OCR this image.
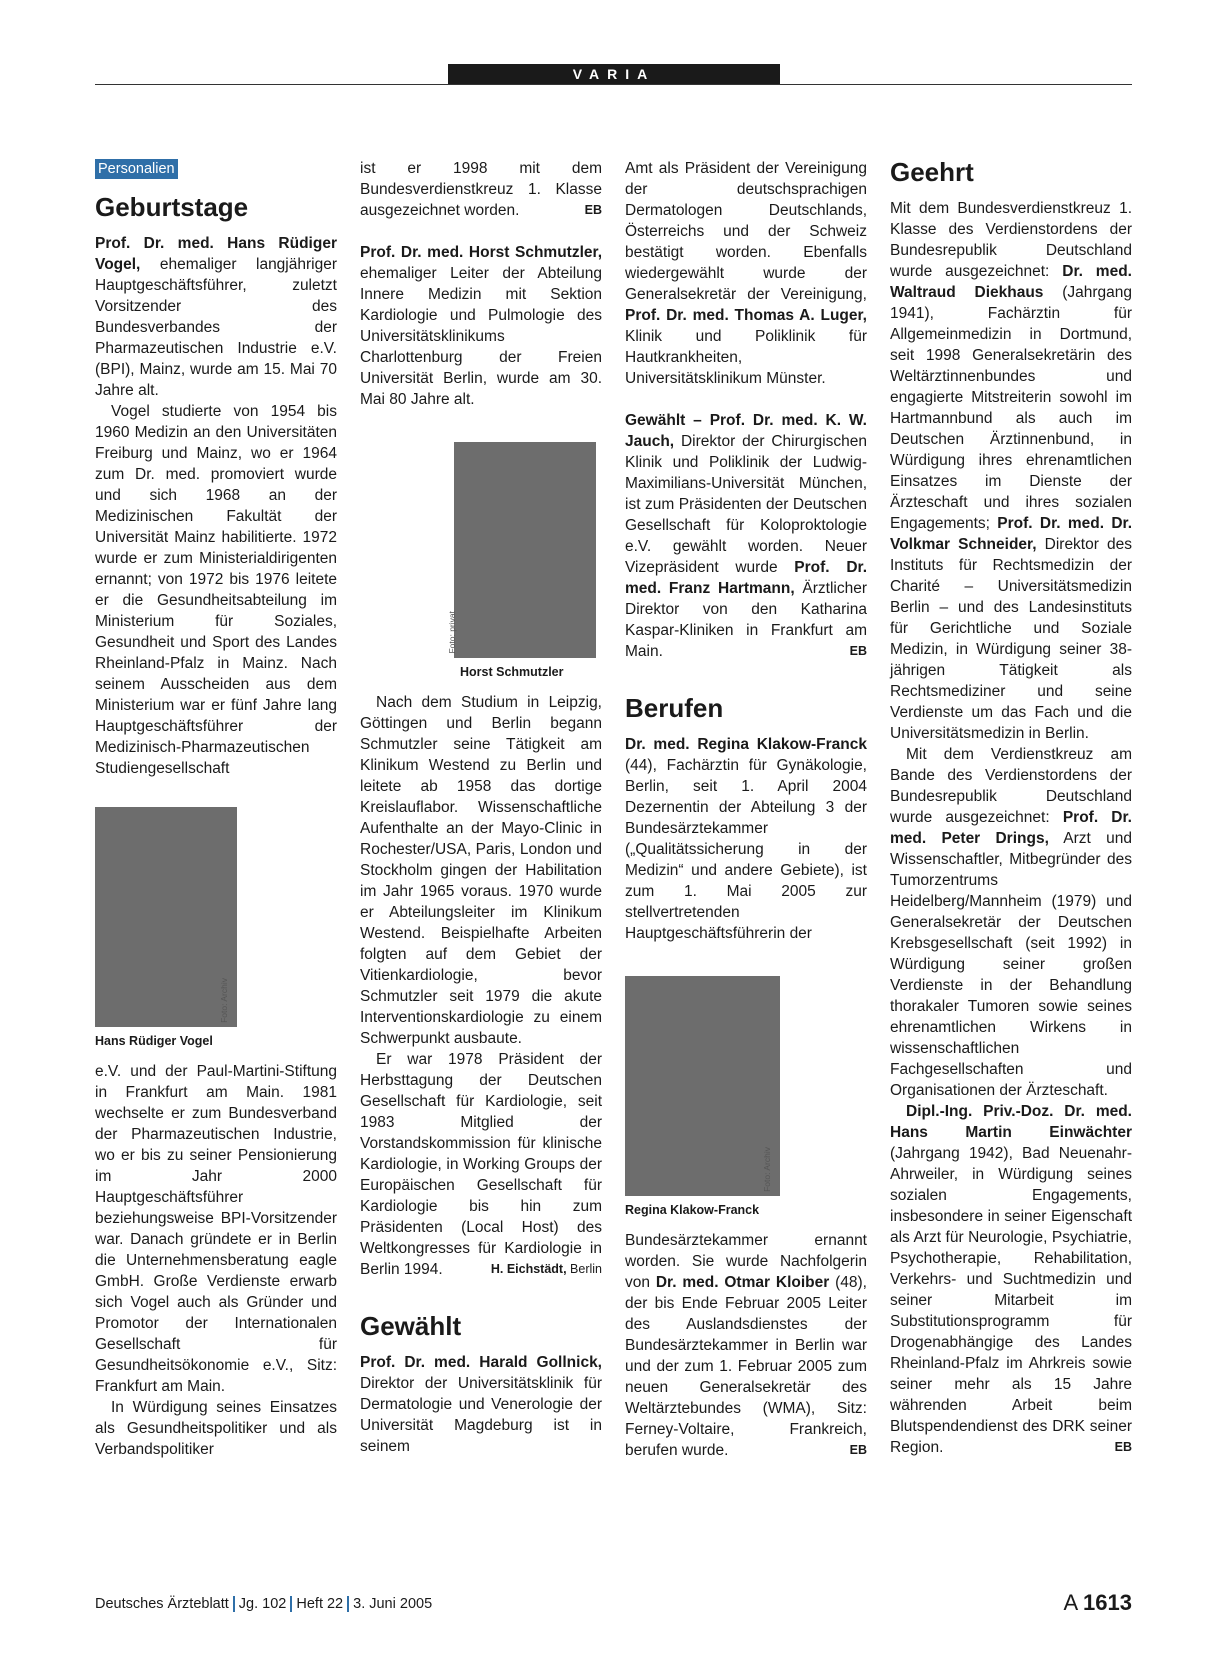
VARIA
Personalien
Geburtstage

Prof. Dr. med. Hans Rüdiger Vogel, ehemaliger langjähriger Hauptgeschäftsführer, zuletzt Vorsitzender des Bundesverbandes der Pharmazeutischen Industrie e.V. (BPI), Mainz, wurde am 15. Mai 70 Jahre alt.

Vogel studierte von 1954 bis 1960 Medizin an den Universitäten Freiburg und Mainz, wo er 1964 zum Dr. med. promoviert wurde und sich 1968 an der Medizinischen Fakultät der Universität Mainz habilitierte. 1972 wurde er zum Ministerialdirigenten ernannt; von 1972 bis 1976 leitete er die Gesundheitsabteilung im Ministerium für Soziales, Gesundheit und Sport des Landes Rheinland-Pfalz in Mainz. Nach seinem Ausscheiden aus dem Ministerium war er fünf Jahre lang Hauptgeschäftsführer der Medizinisch-Pharmazeutischen Studiengesellschaft

Foto: Archiv
Hans Rüdiger Vogel

e.V. und der Paul-Martini-Stiftung in Frankfurt am Main. 1981 wechselte er zum Bundesverband der Pharmazeutischen Industrie, wo er bis zu seiner Pensionierung im Jahr 2000 Hauptgeschäftsführer beziehungsweise BPI-Vorsitzender war. Danach gründete er in Berlin die Unternehmensberatung eagle GmbH. Große Verdienste erwarb sich Vogel auch als Gründer und Promotor der Internationalen Gesellschaft für Gesundheitsökonomie e.V., Sitz: Frankfurt am Main.

In Würdigung seines Einsatzes als Gesundheitspolitiker und als Verbandspolitiker

ist er 1998 mit dem Bundesverdienstkreuz 1. Klasse ausgezeichnet worden.	EB

Prof. Dr. med. Horst Schmutzler, ehemaliger Leiter der Abteilung Innere Medizin mit Sektion Kardiologie und Pulmologie des Universitätsklinikums Charlottenburg der Freien Universität Berlin, wurde am 30. Mai 80 Jahre alt.

Foto: privat
Horst Schmutzler

Nach dem Studium in Leipzig, Göttingen und Berlin begann Schmutzler seine Tätigkeit am Klinikum Westend zu Berlin und leitete ab 1958 das dortige Kreislauflabor. Wissenschaftliche Aufenthalte an der Mayo-Clinic in Rochester/USA, Paris, London und Stockholm gingen der Habilitation im Jahr 1965 voraus. 1970 wurde er Abteilungsleiter im Klinikum Westend. Beispielhafte Arbeiten folgten auf dem Gebiet der Vitienkardiologie, bevor Schmutzler seit 1979 die akute Interventionskardiologie zu einem Schwerpunkt ausbaute.

Er war 1978 Präsident der Herbsttagung der Deutschen Gesellschaft für Kardiologie, seit 1983 Mitglied der Vorstandskommission für klinische Kardiologie, in Working Groups der Europäischen Gesellschaft für Kardiologie bis hin zum Präsidenten (Local Host) des Weltkongresses für Kardiologie in Berlin 1994.	H. Eichstädt, Berlin

Gewählt

Prof. Dr. med. Harald Gollnick, Direktor der Universitätsklinik für Dermatologie und Venerologie der Universität Magdeburg ist in seinem

Amt als Präsident der Vereinigung der deutschsprachigen Dermatologen Deutschlands, Österreichs und der Schweiz bestätigt worden. Ebenfalls wiedergewählt wurde der Generalsekretär der Vereinigung, Prof. Dr. med. Thomas A. Luger, Klinik und Poliklinik für Hautkrankheiten, Universitätsklinikum Münster.

Gewählt – Prof. Dr. med. K. W. Jauch, Direktor der Chirurgischen Klinik und Poliklinik der Ludwig-Maximilians-Universität München, ist zum Präsidenten der Deutschen Gesellschaft für Koloproktologie e.V. gewählt worden. Neuer Vizepräsident wurde Prof. Dr. med. Franz Hartmann, Ärztlicher Direktor von den Katharina Kaspar-Kliniken in Frankfurt am Main.	EB

Berufen

Dr. med. Regina Klakow-Franck (44), Fachärztin für Gynäkologie, Berlin, seit 1. April 2004 Dezernentin der Abteilung 3 der Bundesärztekammer („Qualitätssicherung in der Medizin“ und andere Gebiete), ist zum 1. Mai 2005 zur stellvertretenden Hauptgeschäftsführerin der

Foto: Archiv
Regina Klakow-Franck

Bundesärztekammer ernannt worden. Sie wurde Nachfolgerin von Dr. med. Otmar Kloiber (48), der bis Ende Februar 2005 Leiter des Auslandsdienstes der Bundesärztekammer in Berlin war und der zum 1. Februar 2005 zum neuen Generalsekretär des Weltärztebundes (WMA), Sitz: Ferney-Voltaire, Frankreich, berufen wurde.	EB

Geehrt

Mit dem Bundesverdienstkreuz 1. Klasse des Verdienstordens der Bundesrepublik Deutschland wurde ausgezeichnet: Dr. med. Waltraud Diekhaus (Jahrgang 1941), Fachärztin für Allgemeinmedizin in Dortmund, seit 1998 Generalsekretärin des Weltärztinnenbundes und engagierte Mitstreiterin sowohl im Hartmannbund als auch im Deutschen Ärztinnenbund, in Würdigung ihres ehrenamtlichen Einsatzes im Dienste der Ärzteschaft und ihres sozialen Engagements; Prof. Dr. med. Dr. Volkmar Schneider, Direktor des Instituts für Rechtsmedizin der Charité – Universitätsmedizin Berlin – und des Landesinstituts für Gerichtliche und Soziale Medizin, in Würdigung seiner 38-jährigen Tätigkeit als Rechtsmediziner und seine Verdienste um das Fach und die Universitätsmedizin in Berlin.

Mit dem Verdienstkreuz am Bande des Verdienstordens der Bundesrepublik Deutschland wurde ausgezeichnet: Prof. Dr. med. Peter Drings, Arzt und Wissenschaftler, Mitbegründer des Tumorzentrums Heidelberg/Mannheim (1979) und Generalsekretär der Deutschen Krebsgesellschaft (seit 1992) in Würdigung seiner großen Verdienste in der Behandlung thorakaler Tumoren sowie seines ehrenamtlichen Wirkens in wissenschaftlichen Fachgesellschaften und Organisationen der Ärzteschaft.

Dipl.-Ing. Priv.-Doz. Dr. med. Hans Martin Einwächter (Jahrgang 1942), Bad Neuenahr-Ahrweiler, in Würdigung seines sozialen Engagements, insbesondere in seiner Eigenschaft als Arzt für Neurologie, Psychiatrie, Psychotherapie, Rehabilitation, Verkehrs- und Suchtmedizin und seiner Mitarbeit im Substitutionsprogramm für Drogenabhängige des Landes Rheinland-Pfalz im Ahrkreis sowie seiner mehr als 15 Jahre währenden Arbeit beim Blutspendendienst des DRK seiner Region.	EB

Deutsches Ärzteblatt Jg. 102 Heft 22 3. Juni 2005	A 1613
